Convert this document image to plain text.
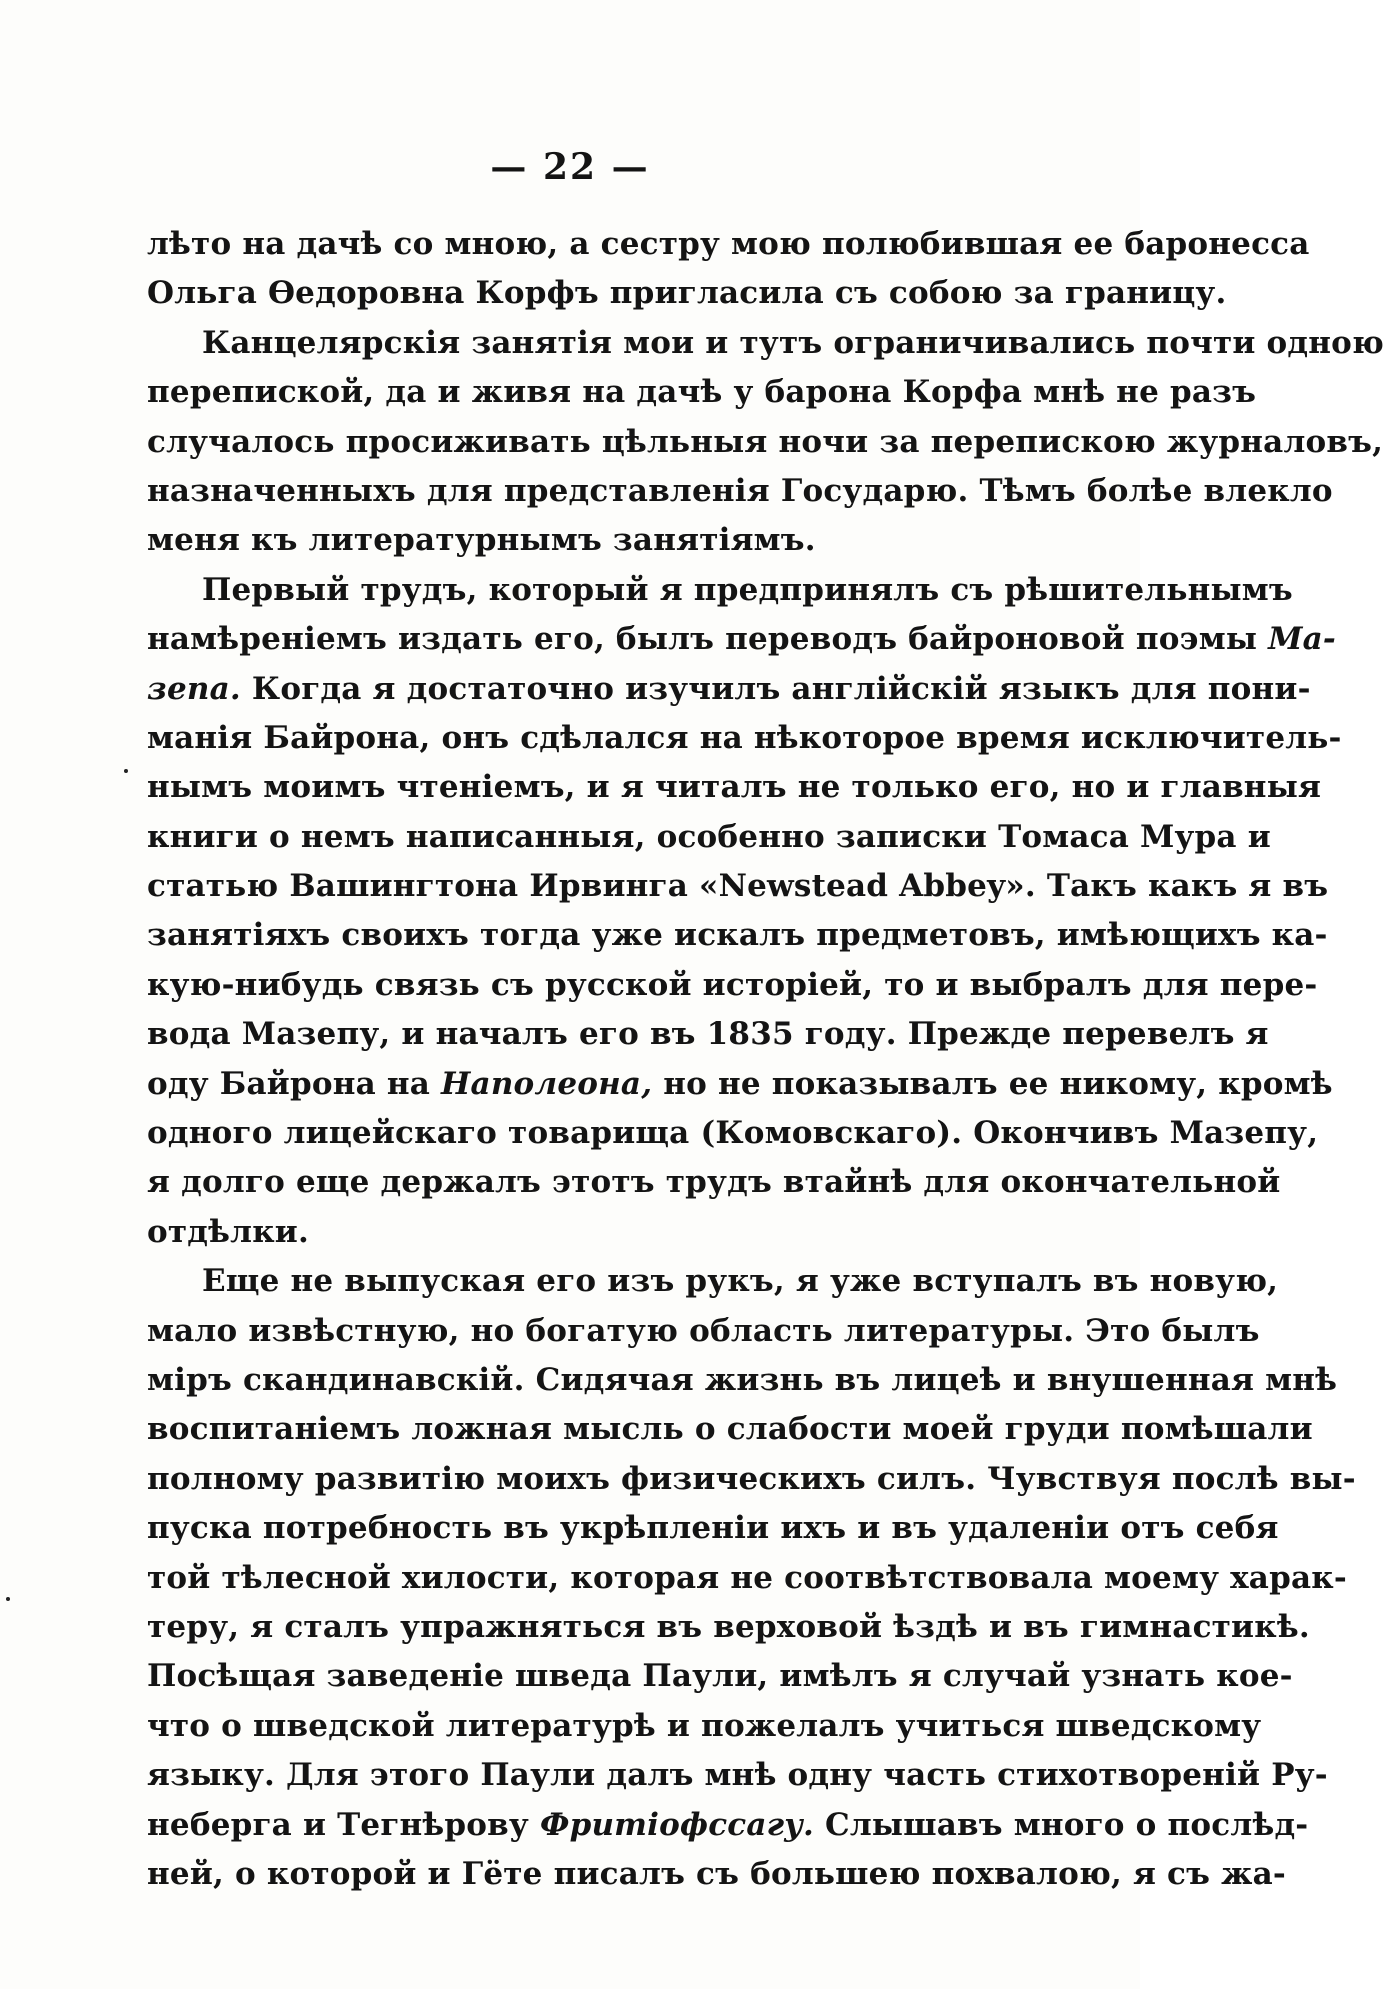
— 22 —
лѣто на дачѣ со мною, а сестру мою полюбившая ее баронесса
Ольга Өедоровна Корфъ пригласила съ собою за границу.
Канцелярскія занятія мои и тутъ ограничивались почти одною
перепиской, да и живя на дачѣ у барона Корфа мнѣ не разъ
случалось просиживать цѣльныя ночи за перепискою журналовъ,
назначенныхъ для представленія Государю. Тѣмъ болѣе влекло
меня къ литературнымъ занятіямъ.
Первый трудъ, который я предпринялъ съ рѣшительнымъ
намѣреніемъ издать его, былъ переводъ байроновой поэмы Ма-
зепа. Когда я достаточно изучилъ англійскій языкъ для пони-
манія Байрона, онъ сдѣлался на нѣкоторое время исключитель-
нымъ моимъ чтеніемъ, и я читалъ не только его, но и главныя
книги о немъ написанныя, особенно записки Томаса Мура и
статью Вашингтона Ирвинга «Newstead Abbey». Такъ какъ я въ
занятіяхъ своихъ тогда уже искалъ предметовъ, имѣющихъ ка-
кую-нибудь связь съ русской исторіей, то и выбралъ для пере-
вода Мазепу, и началъ его въ 1835 году. Прежде перевелъ я
оду Байрона на Наполеона, но не показывалъ ее никому, кромѣ
одного лицейскаго товарища (Комовскаго). Окончивъ Мазепу,
я долго еще держалъ этотъ трудъ втайнѣ для окончательной
отдѣлки.
Еще не выпуская его изъ рукъ, я уже вступалъ въ новую,
мало извѣстную, но богатую область литературы. Это былъ
міръ скандинавскій. Сидячая жизнь въ лицеѣ и внушенная мнѣ
воспитаніемъ ложная мысль о слабости моей груди помѣшали
полному развитію моихъ физическихъ силъ. Чувствуя послѣ вы-
пуска потребность въ укрѣпленіи ихъ и въ удаленіи отъ себя
той тѣлесной хилости, которая не соотвѣтствовала моему харак-
теру, я сталъ упражняться въ верховой ѣздѣ и въ гимнастикѣ.
Посѣщая заведеніе шведа Паули, имѣлъ я случай узнать кое-
что о шведской литературѣ и пожелалъ учиться шведскому
языку. Для этого Паули далъ мнѣ одну часть стихотвореній Ру-
неберга и Тегнѣрову Фритіофссагу. Слышавъ много о послѣд-
ней, о которой и Гёте писалъ съ большею похвалою, я съ жа-
